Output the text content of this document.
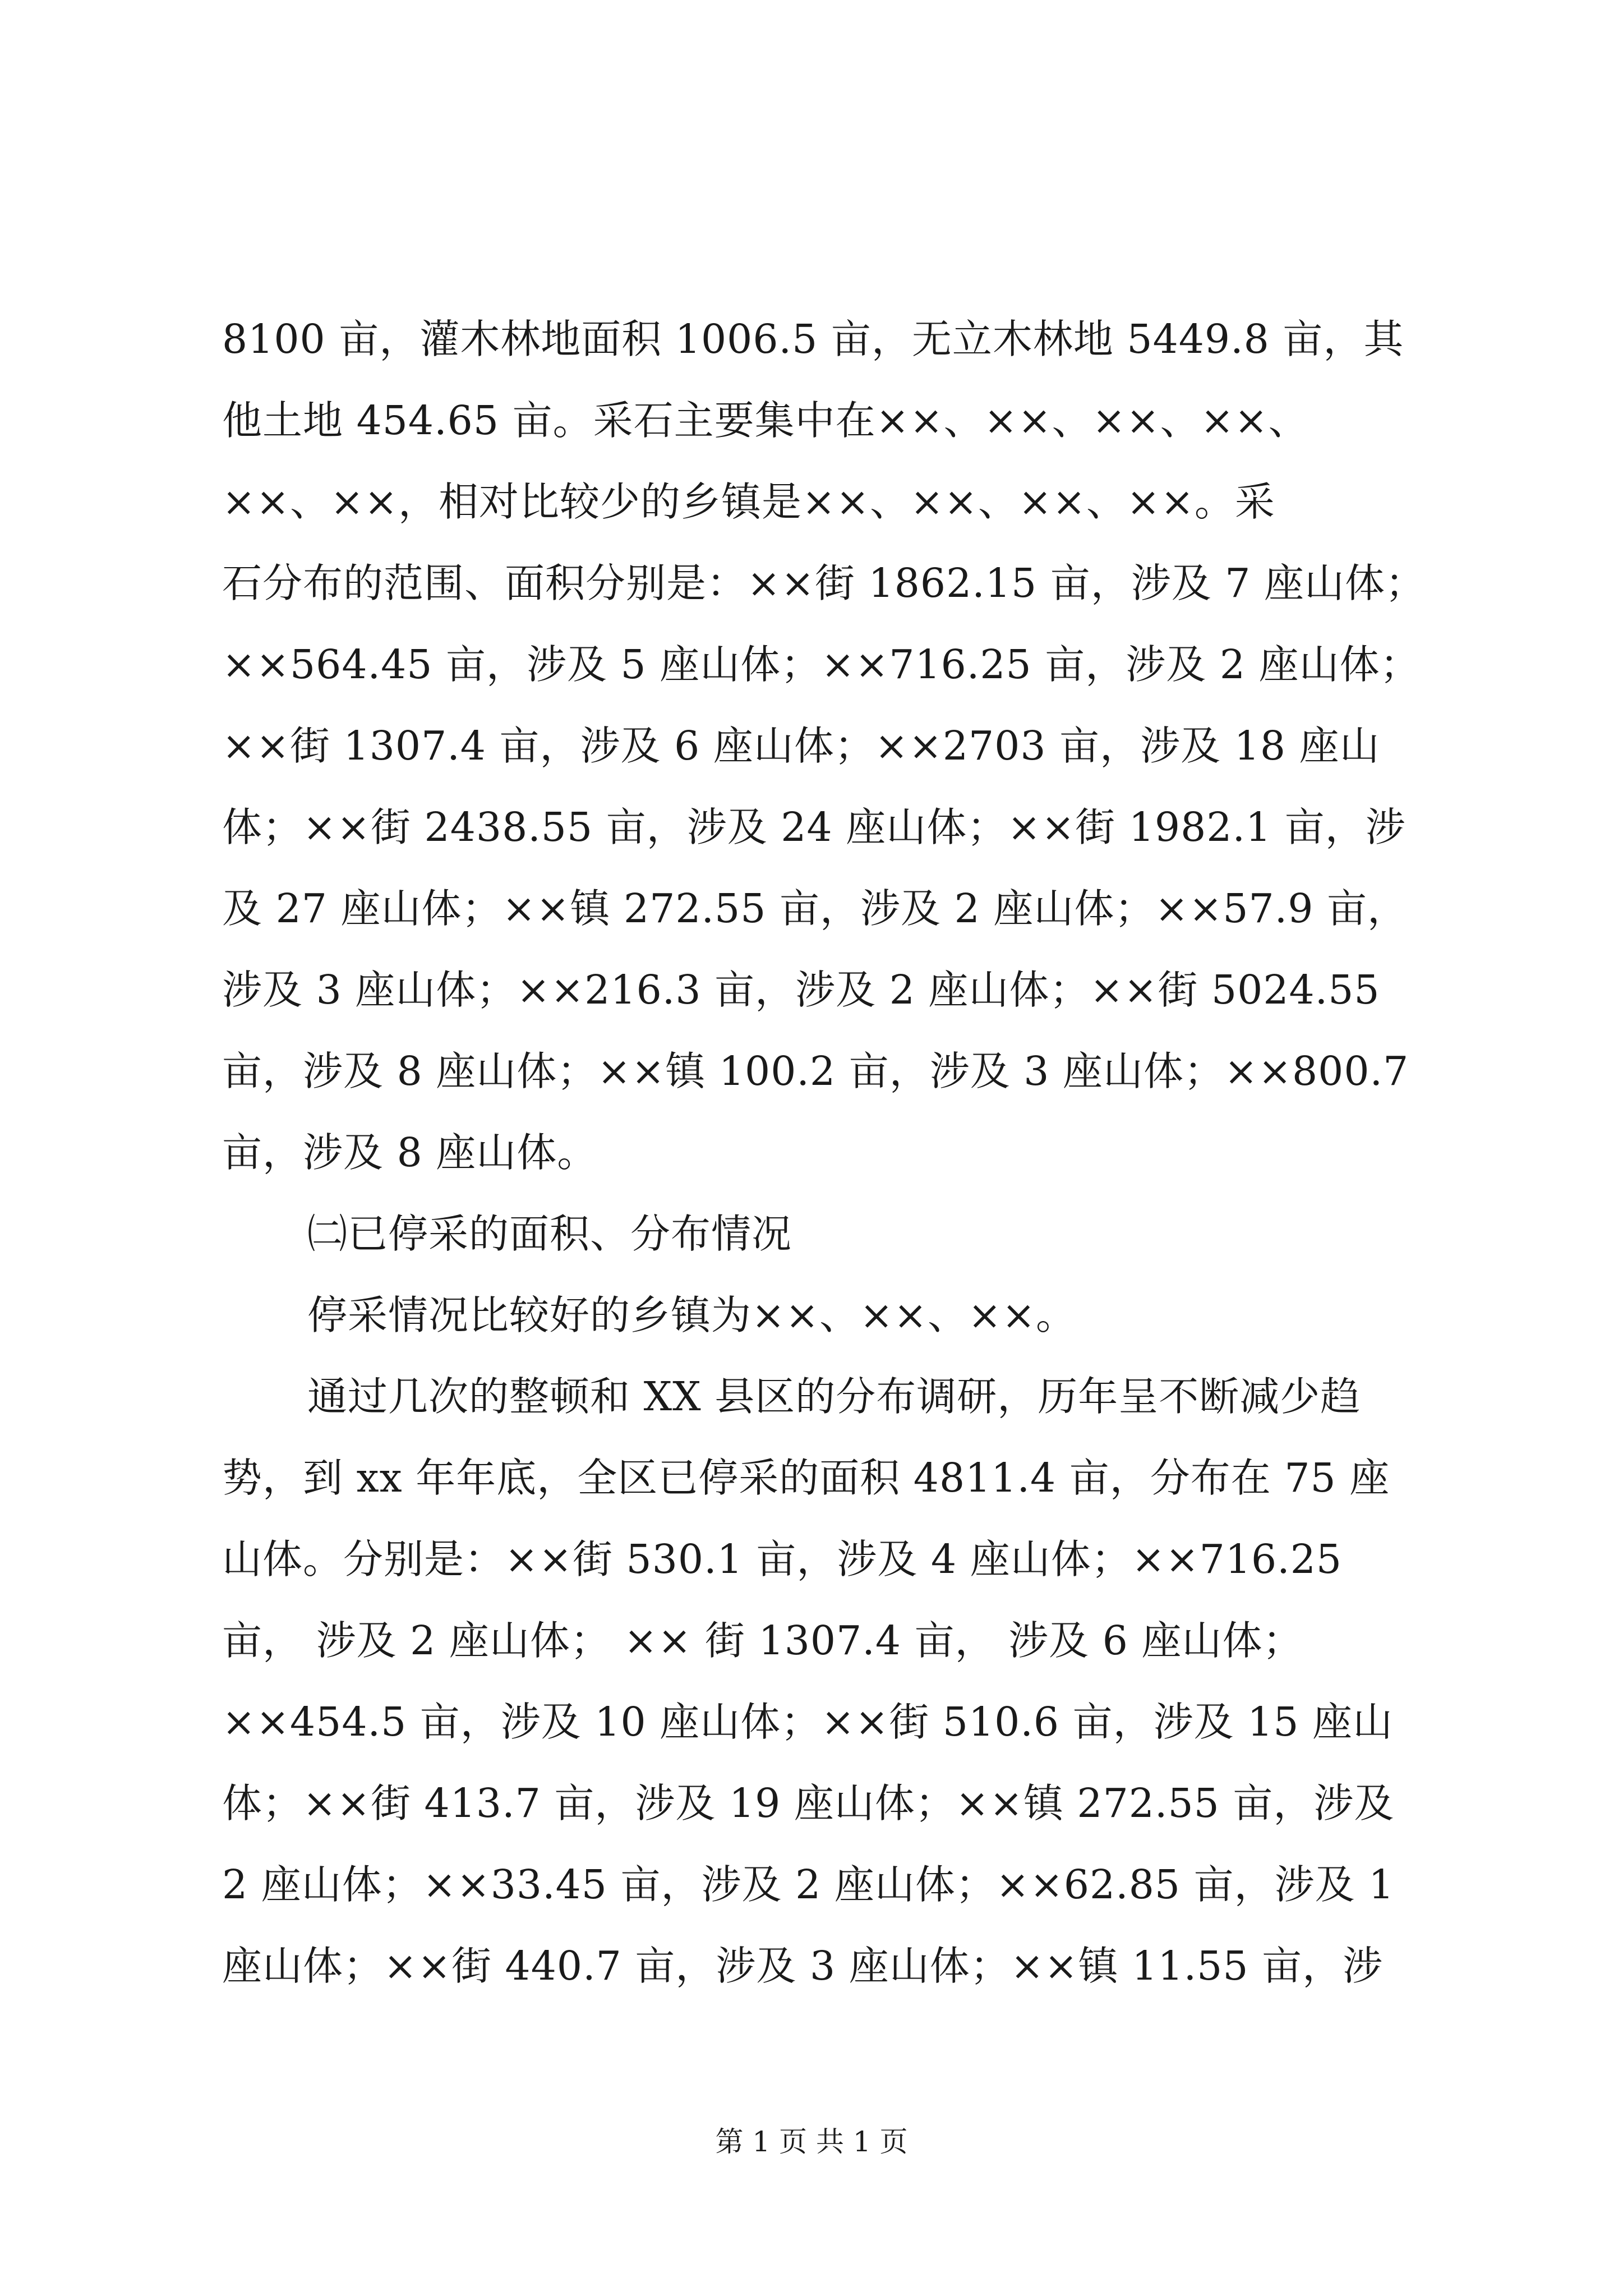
8100 亩，灌木林地面积 1006.5 亩，无立木林地 5449.8 亩，其
他土地 454.65 亩。采石主要集中在××、××、××、××、
××、××，相对比较少的乡镇是××、××、××、××。采
石分布的范围、面积分别是：××街 1862.15 亩，涉及 7 座山体；
××564.45 亩，涉及 5 座山体；××716.25 亩，涉及 2 座山体；
××街 1307.4 亩，涉及 6 座山体；××2703 亩，涉及 18 座山
体；××街 2438.55 亩，涉及 24 座山体；××街 1982.1 亩，涉
及 27 座山体；××镇 272.55 亩，涉及 2 座山体；××57.9 亩，
涉及 3 座山体；××216.3 亩，涉及 2 座山体；××街 5024.55
亩，涉及 8 座山体；××镇 100.2 亩，涉及 3 座山体；××800.7
亩，涉及 8 座山体。
㈡已停采的面积、分布情况
停采情况比较好的乡镇为××、××、××。
通过几次的整顿和 XX 县区的分布调研，历年呈不断减少趋
势，到 xx 年年底，全区已停采的面积 4811.4 亩，分布在 75 座
山体。分别是：××街 530.1 亩，涉及 4 座山体；××716.25
亩， 涉及 2 座山体； ×× 街 1307.4 亩， 涉及 6 座山体；
××454.5 亩，涉及 10 座山体；××街 510.6 亩，涉及 15 座山
体；××街 413.7 亩，涉及 19 座山体；××镇 272.55 亩，涉及
2 座山体；××33.45 亩，涉及 2 座山体；××62.85 亩，涉及 1
座山体；××街 440.7 亩，涉及 3 座山体；××镇 11.55 亩，涉
第 1 页 共 1 页
